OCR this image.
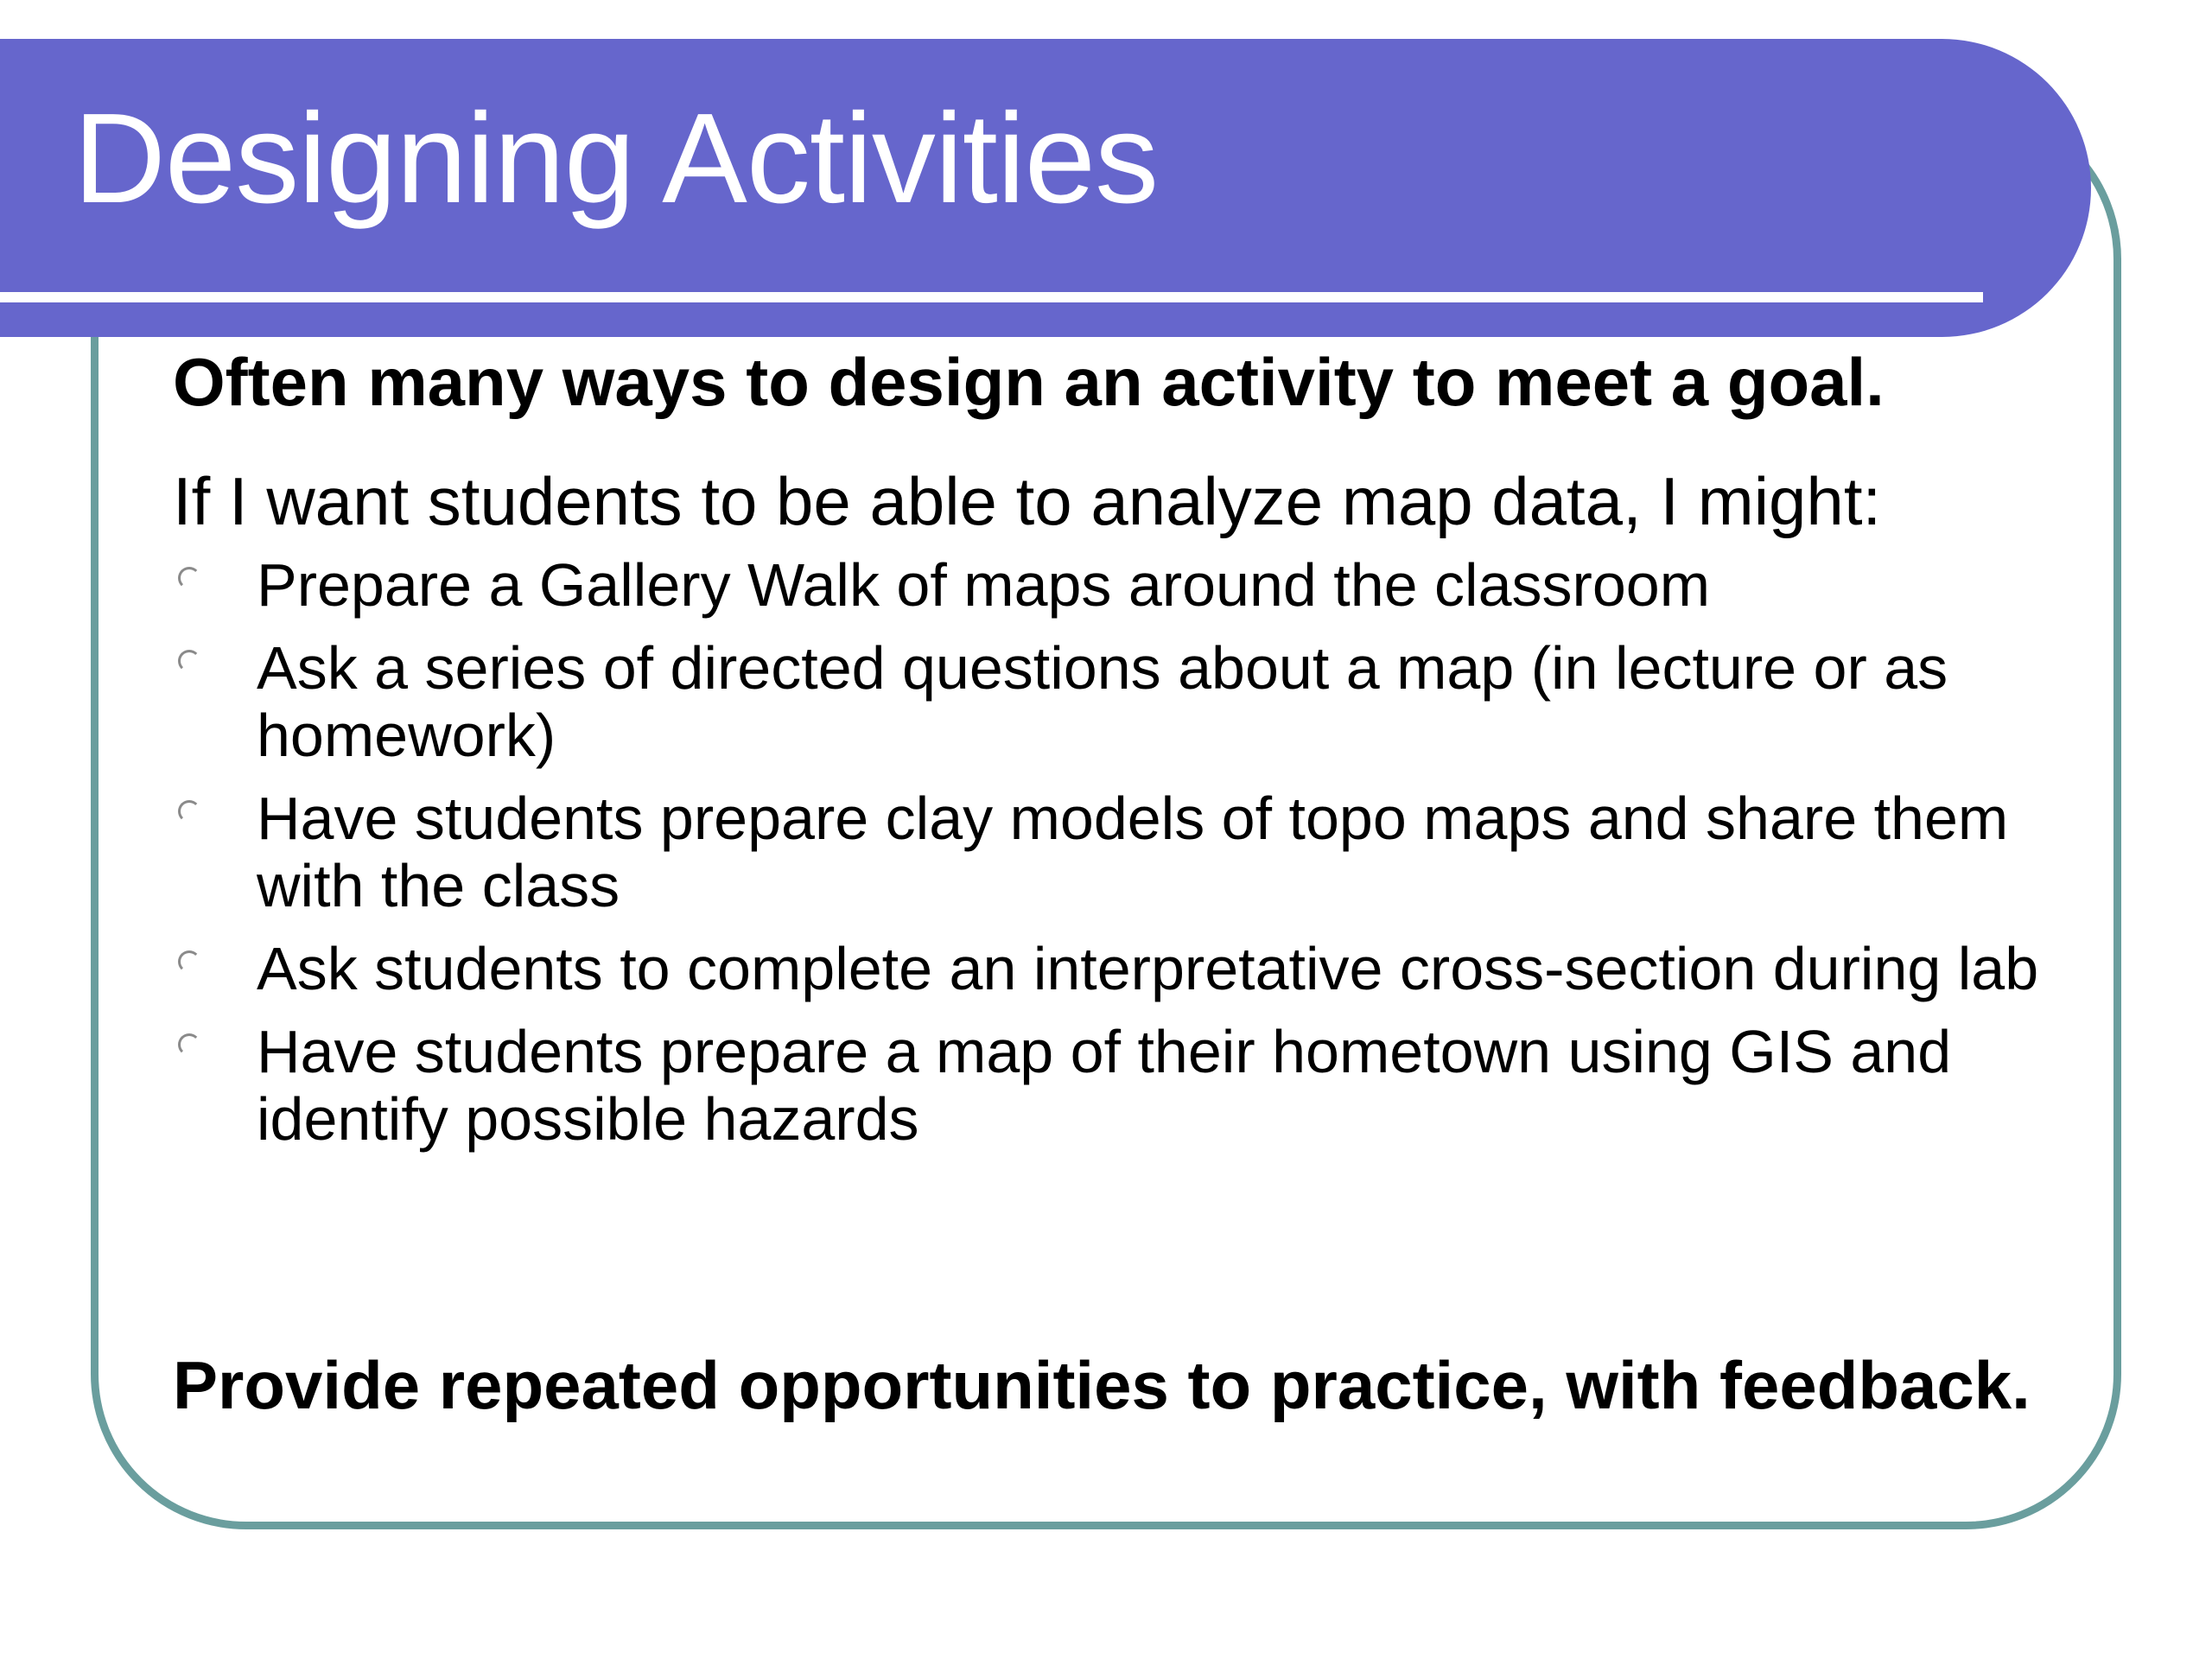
Designing Activities

Often many ways to design an activity to meet a goal.

If I want students to be able to analyze map data, I might:

Prepare a Gallery Walk of maps around the classroom
Ask a series of directed questions about a map (in lecture or as homework)
Have students prepare clay models of topo maps and share them with the class
Ask students to complete an interpretative cross-section during lab
Have students prepare a map of their hometown using GIS and identify possible hazards

Provide repeated opportunities to practice, with feedback.
